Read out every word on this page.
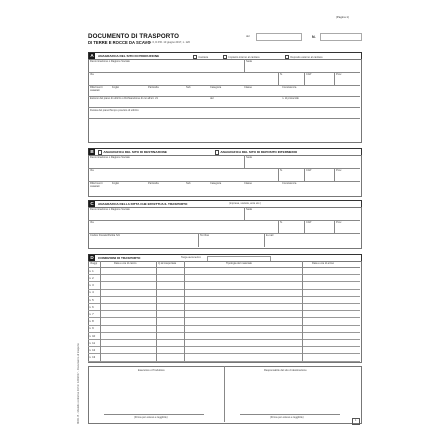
(Pagina 1)
DOCUMENTO DI TRASPORTO
DI TERRE E ROCCE DA SCAVO
art. 6, D.P.R. 13 giugno 2017, n. 120
del	N.
A	ANAGRAFICA DEL SITO DI PRODUZIONE	Cantiere	Impianto interno al cantiere	Deposito esterno al cantiere
Denominazione o Ragione Sociale	Sede
Via	N.	CAP	Prov.
Riferimenti catastali
Foglio	Particella	Sub	Categoria	Classe	Consistenza
Estremi del piano di utilizzo o Dichiarazione di cui all'art. 21	del	n. di protocollo
Durata del piano/Tempo previsto di utilizzo
B	ANAGRAFICA DEL SITO DI DESTINAZIONE	ANAGRAFICA DEL SITO DI DEPOSITO INTERMEDIO
Denominazione o Ragione Sociale	Sede
Via	N.	CAP	Prov.
Riferimenti catastali
Foglio	Particella	Sub	Categoria	Classe	Consistenza
C	ANAGRAFICA DELLA DITTA CHE EFFETTUA IL TRASPORTO	(impresa, società, ente etc.)
Denominazione o Ragione Sociale	Sede
Via	N.	CAP	Prov.
Codice Fiscale/Partita IVA	Tel./Fax	E-mail
D	CONDIZIONI DI TRASPORTO	Targa automezzo
Viaggi	Data e ora di carico	Q.tà trasportata	Tipologia del materiale	Data e ora di arrivo
n. 1
n. 2
n. 3
n. 4
n. 5
n. 6
n. 7
n. 8
n. 9
n. 10
n. 11
n. 12
n. 13
Esecutore o Produttore	Responsabile del sito di destinazione
(Firma per esteso e leggibile)	(Firma per esteso e leggibile)
1
MOD. B - Modello conforme D.P.R. 120/2017 - Documento di trasporto
